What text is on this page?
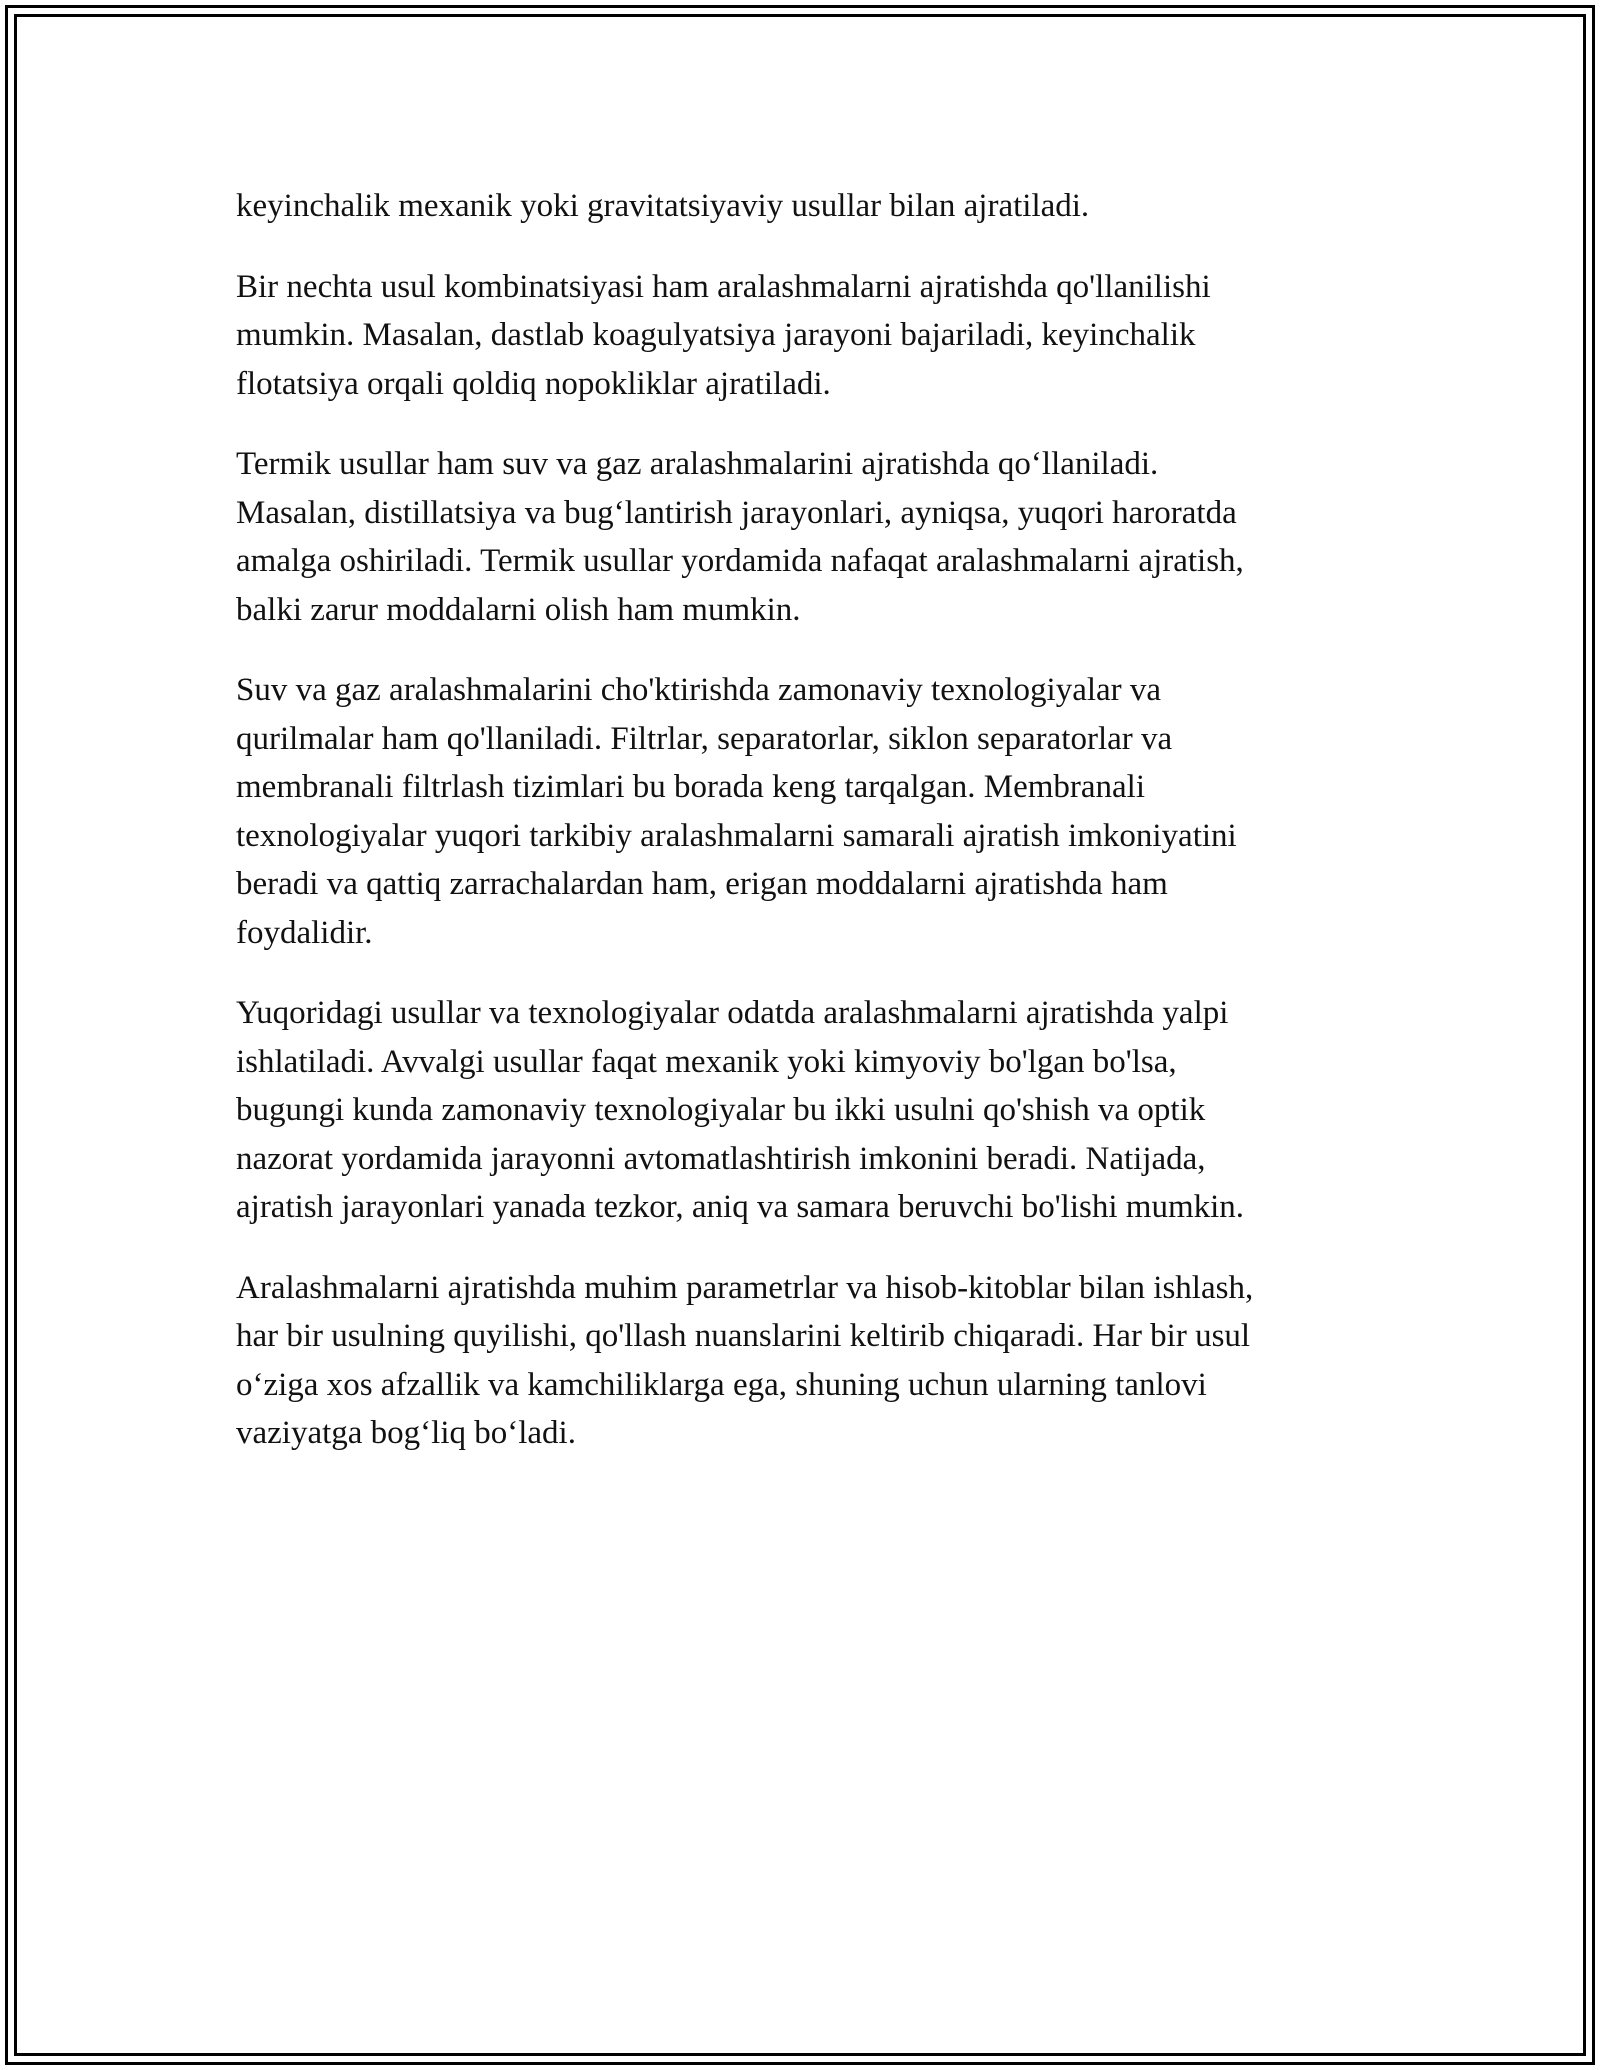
keyinchalik mexanik yoki gravitatsiyaviy usullar bilan ajratiladi.

Bir nechta usul kombinatsiyasi ham aralashmalarni ajratishda qo'llanilishi
mumkin. Masalan, dastlab koagulyatsiya jarayoni bajariladi, keyinchalik
flotatsiya orqali qoldiq nopokliklar ajratiladi.

Termik usullar ham suv va gaz aralashmalarini ajratishda qo‘llaniladi.
Masalan, distillatsiya va bug‘lantirish jarayonlari, ayniqsa, yuqori haroratda
amalga oshiriladi. Termik usullar yordamida nafaqat aralashmalarni ajratish,
balki zarur moddalarni olish ham mumkin.

Suv va gaz aralashmalarini cho'ktirishda zamonaviy texnologiyalar va
qurilmalar ham qo'llaniladi. Filtrlar, separatorlar, siklon separatorlar va
membranali filtrlash tizimlari bu borada keng tarqalgan. Membranali
texnologiyalar yuqori tarkibiy aralashmalarni samarali ajratish imkoniyatini
beradi va qattiq zarrachalardan ham, erigan moddalarni ajratishda ham
foydalidir.

Yuqoridagi usullar va texnologiyalar odatda aralashmalarni ajratishda yalpi
ishlatiladi. Avvalgi usullar faqat mexanik yoki kimyoviy bo'lgan bo'lsa,
bugungi kunda zamonaviy texnologiyalar bu ikki usulni qo'shish va optik
nazorat yordamida jarayonni avtomatlashtirish imkonini beradi. Natijada,
ajratish jarayonlari yanada tezkor, aniq va samara beruvchi bo'lishi mumkin.

Aralashmalarni ajratishda muhim parametrlar va hisob-kitoblar bilan ishlash,
har bir usulning quyilishi, qo'llash nuanslarini keltirib chiqaradi. Har bir usul
o‘ziga xos afzallik va kamchiliklarga ega, shuning uchun ularning tanlovi
vaziyatga bog‘liq bo‘ladi.
